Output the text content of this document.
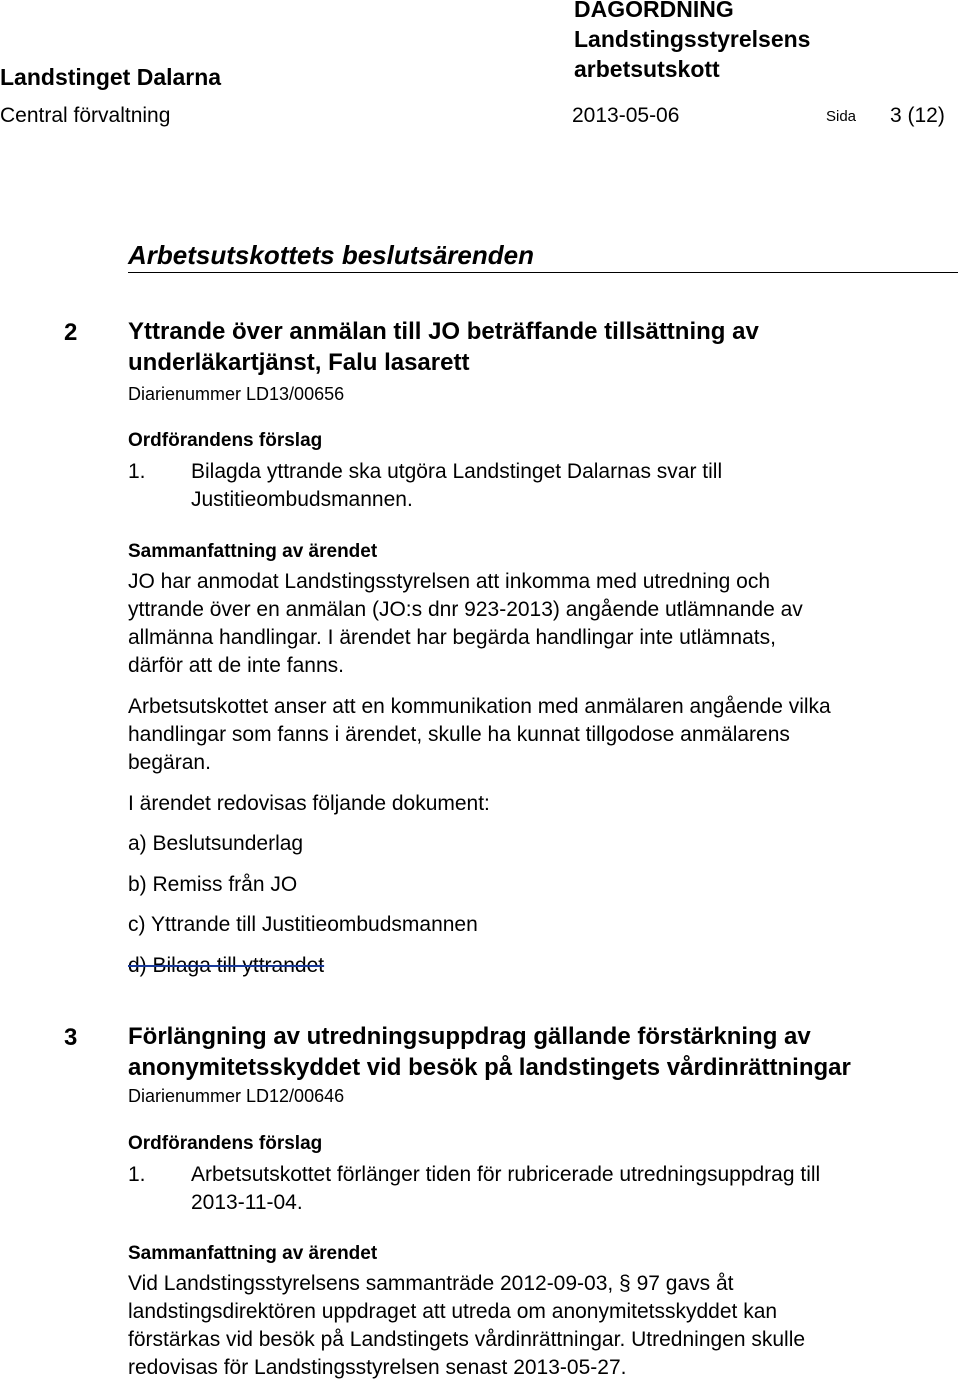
Landstinget Dalarna
DAGORDNING
Landstingsstyrelsens
arbetsutskott
Central förvaltning	2013-05-06	Sida 3 (12)
Arbetsutskottets beslutsärenden
2 Yttrande över anmälan till JO beträffande tillsättning av
underläkartjänst, Falu lasarett
Diarienummer LD13/00656
Ordförandens förslag
1. Bilagda yttrande ska utgöra Landstinget Dalarnas svar till
Justitieombudsmannen.
Sammanfattning av ärendet
JO har anmodat Landstingsstyrelsen att inkomma med utredning och
yttrande över en anmälan (JO:s dnr 923-2013) angående utlämnande av
allmänna handlingar. I ärendet har begärda handlingar inte utlämnats,
därför att de inte fanns.
Arbetsutskottet anser att en kommunikation med anmälaren angående vilka
handlingar som fanns i ärendet, skulle ha kunnat tillgodose anmälarens
begäran.
I ärendet redovisas följande dokument:
a) Beslutsunderlag
b) Remiss från JO
c) Yttrande till Justitieombudsmannen
d) Bilaga till yttrandet
3 Förlängning av utredningsuppdrag gällande förstärkning av
anonymitetsskyddet vid besök på landstingets vårdinrättningar
Diarienummer LD12/00646
Ordförandens förslag
1. Arbetsutskottet förlänger tiden för rubricerade utredningsuppdrag till
2013-11-04.
Sammanfattning av ärendet
Vid Landstingsstyrelsens sammanträde 2012-09-03, § 97 gavs åt
landstingsdirektören uppdraget att utreda om anonymitetsskyddet kan
förstärkas vid besök på Landstingets vårdinrättningar. Utredningen skulle
redovisas för Landstingsstyrelsen senast 2013-05-27.
